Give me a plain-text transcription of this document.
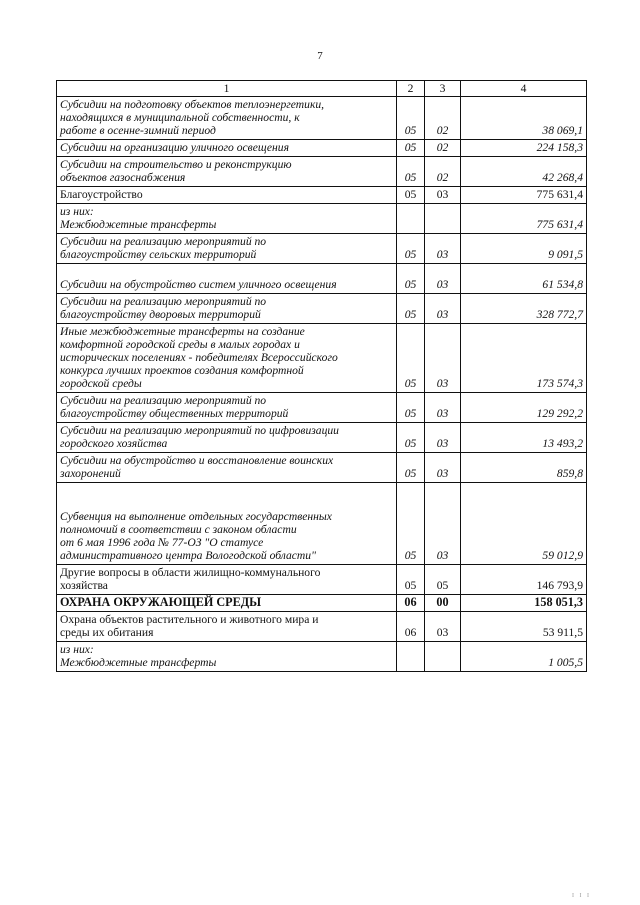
7
1	2	3	4
Субсидии на подготовку объектов теплоэнергетики,
находящихся в муниципальной собственности, к
работе в осенне-зимний период	05	02	38 069,1
Субсидии на организацию уличного освещения	05	02	224 158,3
Субсидии на строительство и реконструкцию
объектов газоснабжения	05	02	42 268,4
Благоустройство	05	03	775 631,4
из них:
Межбюджетные трансферты			775 631,4
Субсидии на реализацию мероприятий по
благоустройству сельских территорий	05	03	9 091,5

Субсидии на обустройство систем уличного освещения	05	03	61 534,8
Субсидии на реализацию мероприятий по
благоустройству дворовых территорий	05	03	328 772,7
Иные межбюджетные трансферты на создание
комфортной городской среды в малых городах и
исторических поселениях - победителях Всероссийского
конкурса лучших проектов создания комфортной
городской среды	05	03	173 574,3
Субсидии на реализацию мероприятий по
благоустройству общественных территорий	05	03	129 292,2
Субсидии на реализацию мероприятий по цифровизации
городского хозяйства	05	03	13 493,2
Субсидии на обустройство и восстановление воинских
захоронений	05	03	859,8

Субвенция на выполнение отдельных государственных
полномочий в соответствии с законом области
от 6 мая 1996 года № 77-ОЗ "О статусе
административного центра Вологодской области"	05	03	59 012,9
Другие вопросы в области жилищно-коммунального
хозяйства	05	05	146 793,9
ОХРАНА ОКРУЖАЮЩЕЙ СРЕДЫ	06	00	158 051,3
Охрана объектов растительного и животного мира и
среды их обитания	06	03	53 911,5
из них:
Межбюджетные трансферты			1 005,5
I I I
